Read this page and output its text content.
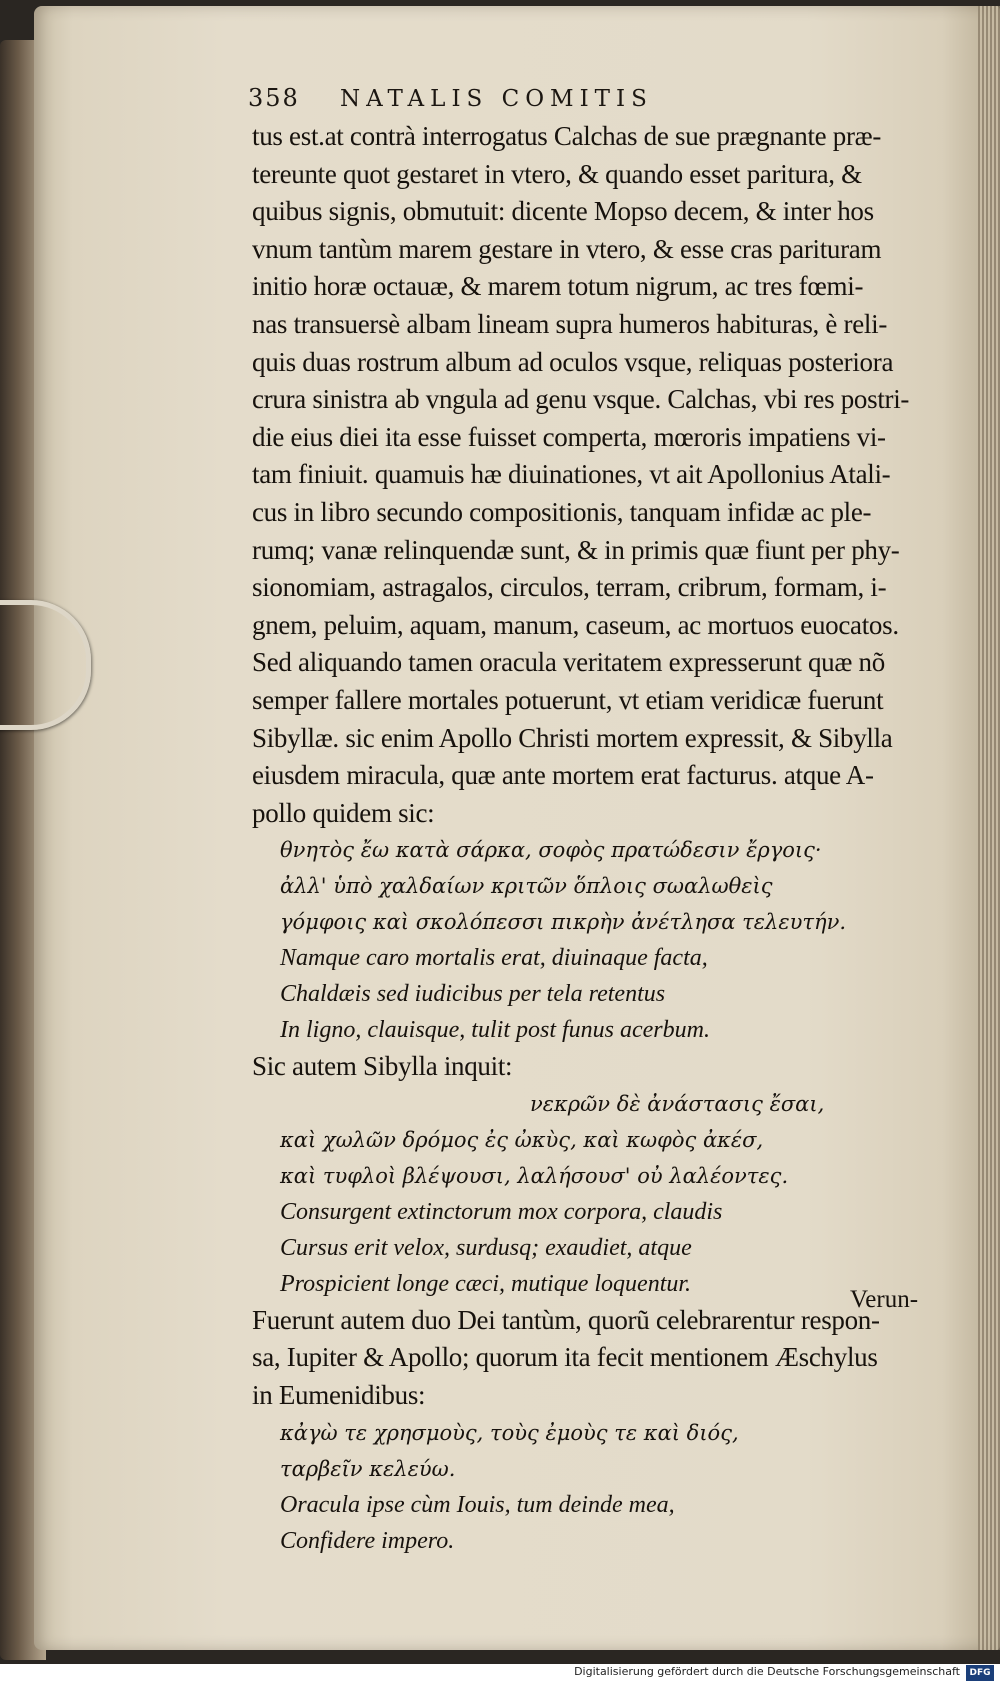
358 NATALIS COMITIS
tus est.at contrà interrogatus Calchas de sue prægnante præ-
tereunte quot gestaret in vtero, & quando esset paritura, &
quibus signis, obmutuit: dicente Mopso decem, & inter hos
vnum tantùm marem gestare in vtero, & esse cras parituram
initio horæ octauæ, & marem totum nigrum, ac tres fœmi-
nas transuersè albam lineam supra humeros habituras, è reli-
quis duas rostrum album ad oculos vsque, reliquas posteriora
crura sinistra ab vngula ad genu vsque. Calchas, vbi res postri-
die eius diei ita esse fuisset comperta, mœroris impatiens vi-
tam finiuit. quamuis hæ diuinationes, vt ait Apollonius Atali-
cus in libro secundo compositionis, tanquam infidæ ac ple-
rumq; vanæ relinquendæ sunt, & in primis quæ fiunt per phy-
sionomiam, astragalos, circulos, terram, cribrum, formam, i-
gnem, peluim, aquam, manum, caseum, ac mortuos euocatos.
Sed aliquando tamen oracula veritatem expresserunt quæ nõ
semper fallere mortales potuerunt, vt etiam veridicæ fuerunt
Sibyllæ. sic enim Apollo Christi mortem expressit, & Sibylla
eiusdem miracula, quæ ante mortem erat facturus. atque A-
pollo quidem sic:
θνητὸς ἔω κατὰ σάρκα, σοφὸς πρατώδεσιν ἔργοις·
ἀλλ' ὑπὸ χαλδαίων κριτῶν ὅπλοις σωαλωθεὶς
γόμφοις καὶ σκολόπεσσι πικρὴν ἀνέτλησα τελευτήν.
Namque caro mortalis erat, diuinaque facta,
Chaldæis sed iudicibus per tela retentus
In ligno, clauisque, tulit post funus acerbum.
Sic autem Sibylla inquit:
νεκρῶν δὲ ἀνάστασις ἔσαι,
καὶ χωλῶν δρόμος ἐς ὠκὺς, καὶ κωφὸς ἀκέσ,
καὶ τυφλοὶ βλέψουσι, λαλήσουσ' οὐ λαλέοντες.
Consurgent extinctorum mox corpora, claudis
Cursus erit velox, surdusq; exaudiet, atque
Prospicient longe cæci, mutique loquentur.
Fuerunt autem duo Dei tantùm, quorũ celebrarentur respon-
sa, Iupiter & Apollo; quorum ita fecit mentionem Æschylus
in Eumenidibus:
κἀγὼ τε χρησμοὺς, τοὺς ἐμοὺς τε καὶ διός,
ταρβεῖν κελεύω.
Oracula ipse cùm Iouis, tum deinde mea,
Confidere impero.
Verun-
Digitalisierung gefördert durch die Deutsche Forschungsgemeinschaft	DFG
